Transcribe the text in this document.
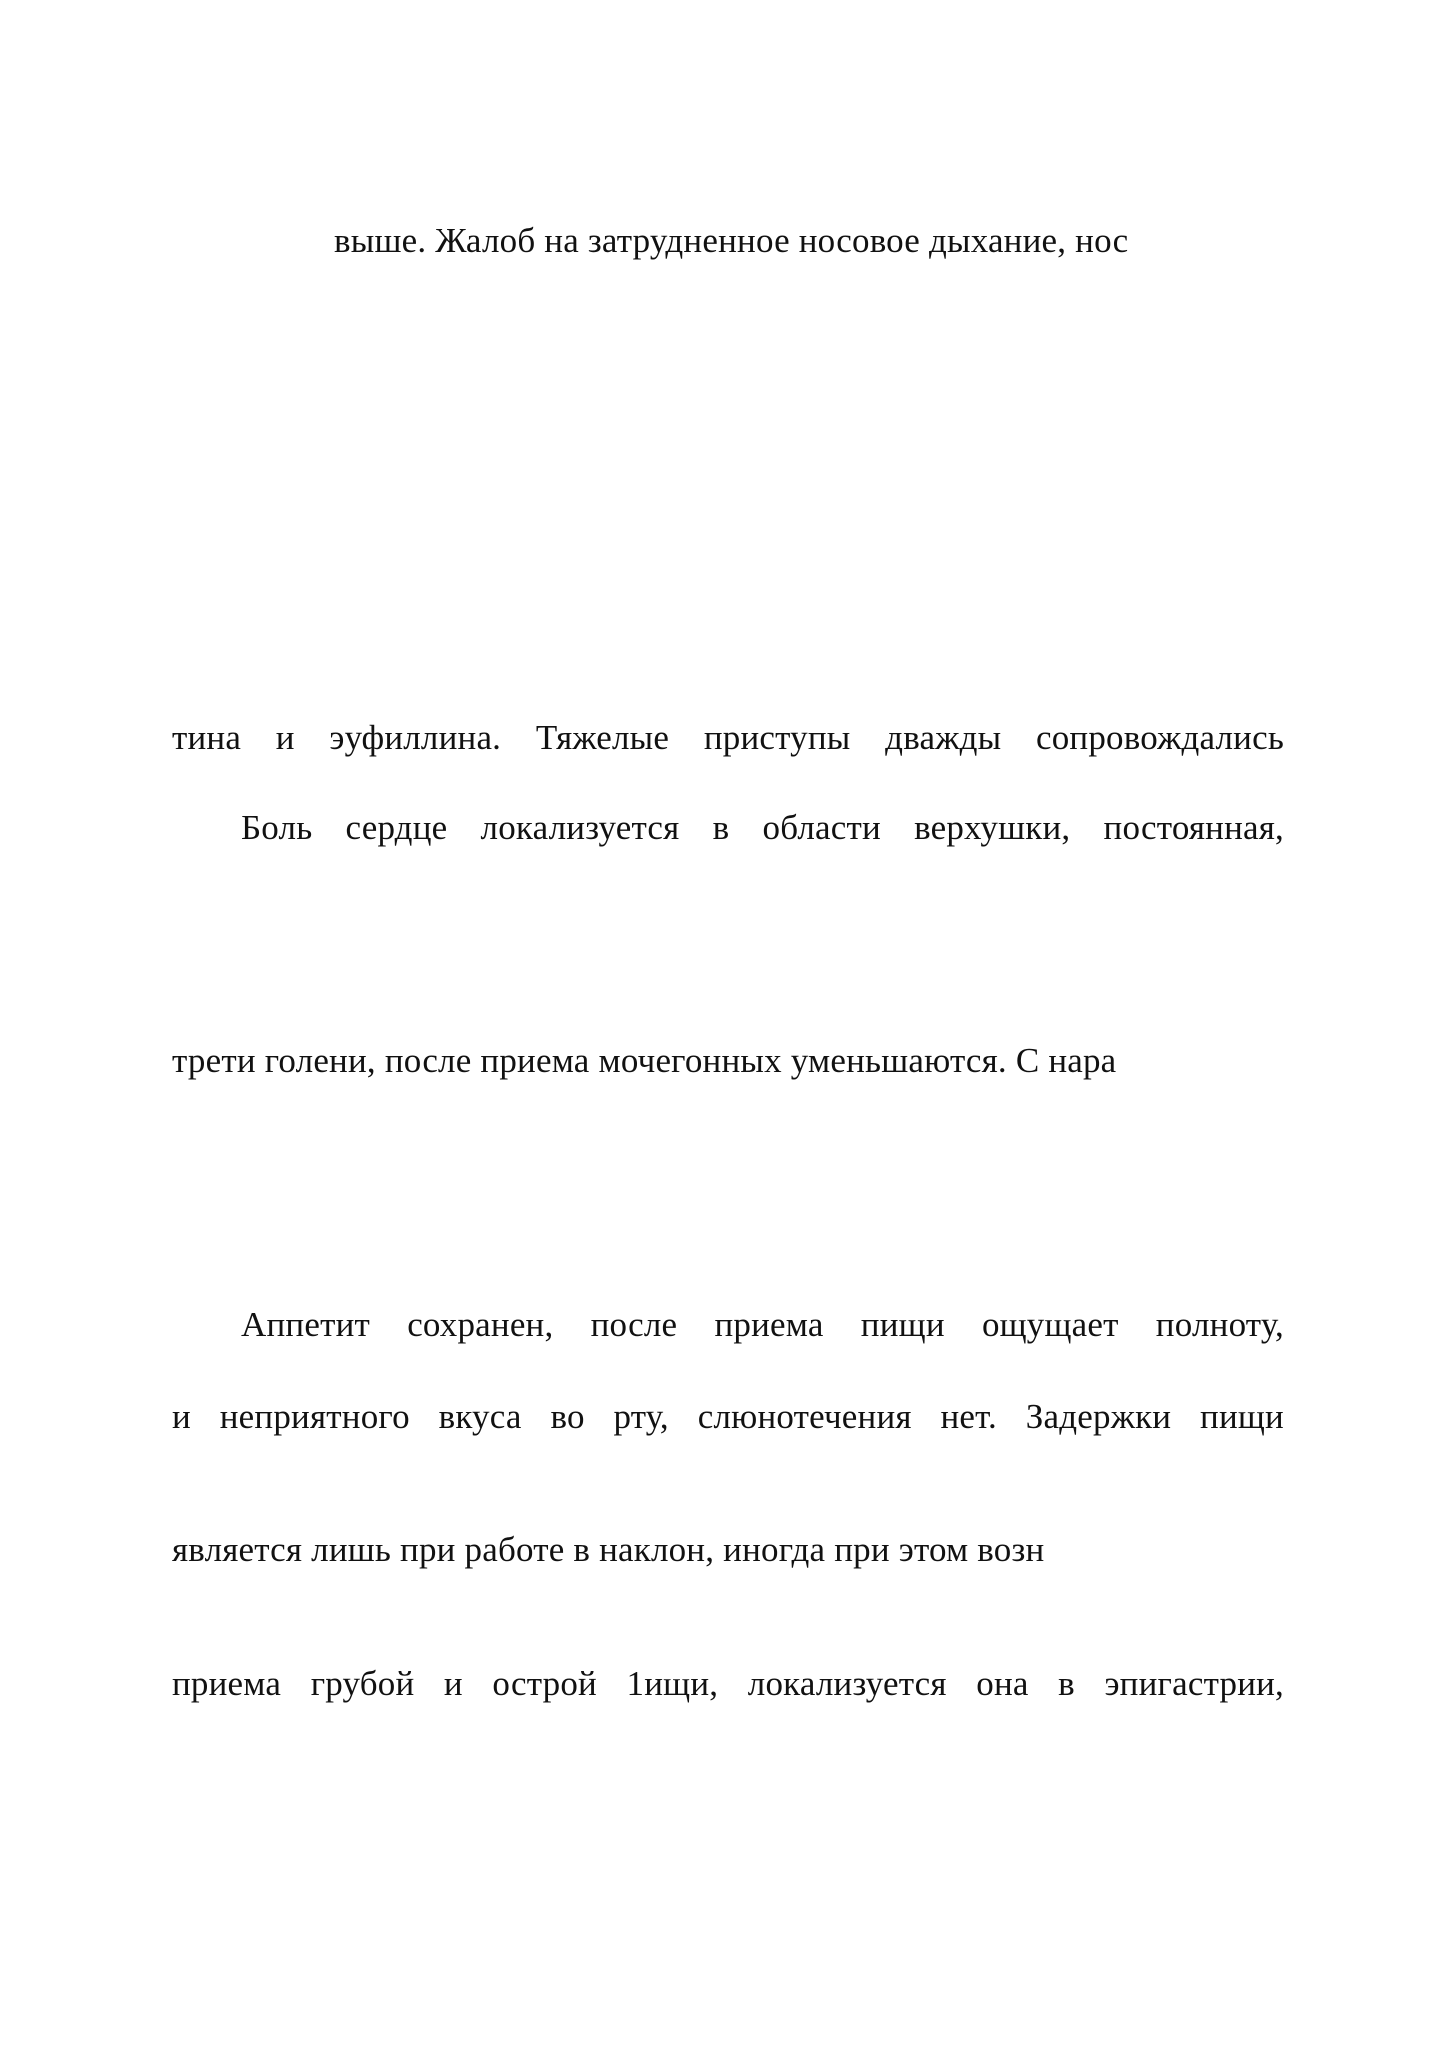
выше. Жалоб на затрудненное носовое дыхание, нос
тина и эуфиллина. Тяжелые приступы дважды сопровождались
Боль сердце локализуется в области верхушки, постоянная,
трети голени, после приема мочегонных уменьшаются. С нара
Аппетит сохранен, после приема пищи ощущает полноту,
и неприятного вкуса во рту, слюнотечения нет. Задержки пищи
является лишь при работе в наклон, иногда при этом возн
приема грубой и острой 1ищи, локализуется она в эпигастрии,
